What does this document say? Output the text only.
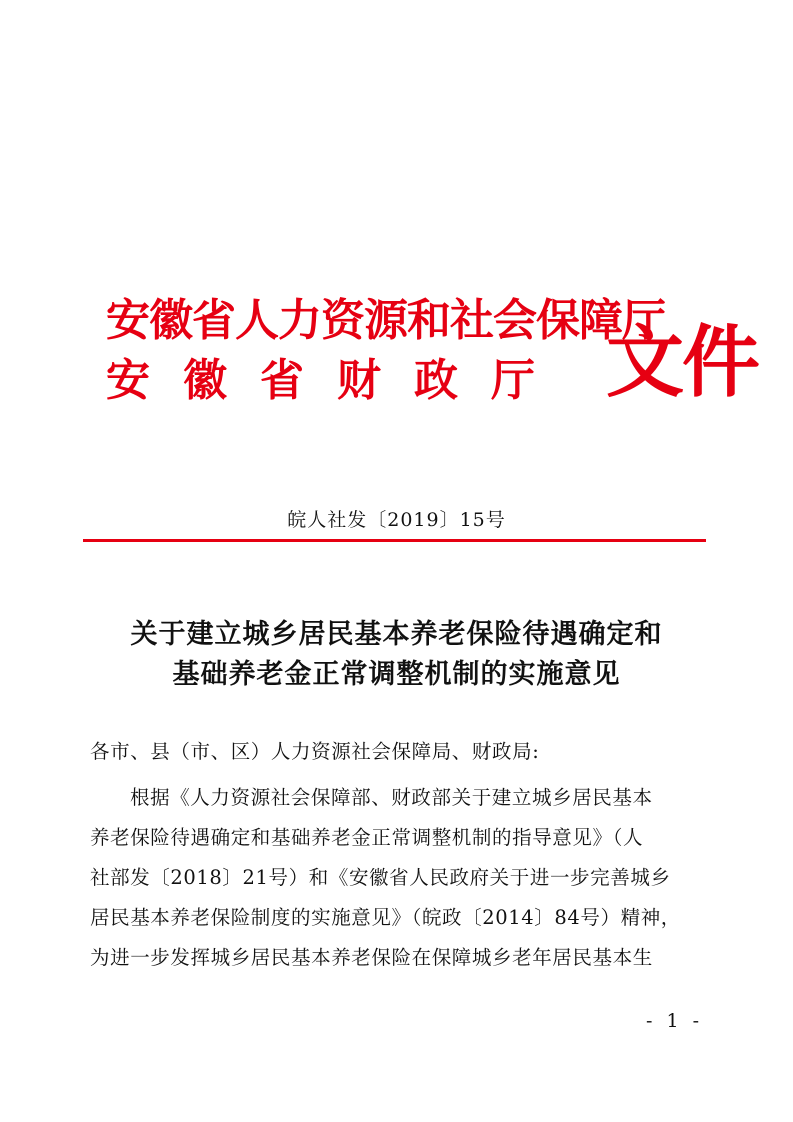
安徽省人力资源和社会保障厅
安徽省财政厅 文件
皖人社发〔2019〕15号
关于建立城乡居民基本养老保险待遇确定和
基础养老金正常调整机制的实施意见
各市、县（市、区）人力资源社会保障局、财政局:
根据《人力资源社会保障部、财政部关于建立城乡居民基本
养老保险待遇确定和基础养老金正常调整机制的指导意见》（人
社部发〔2018〕21号）和《安徽省人民政府关于进一步完善城乡
居民基本养老保险制度的实施意见》（皖政〔2014〕84号）精神，
为进一步发挥城乡居民基本养老保险在保障城乡老年居民基本生
- 1 -
